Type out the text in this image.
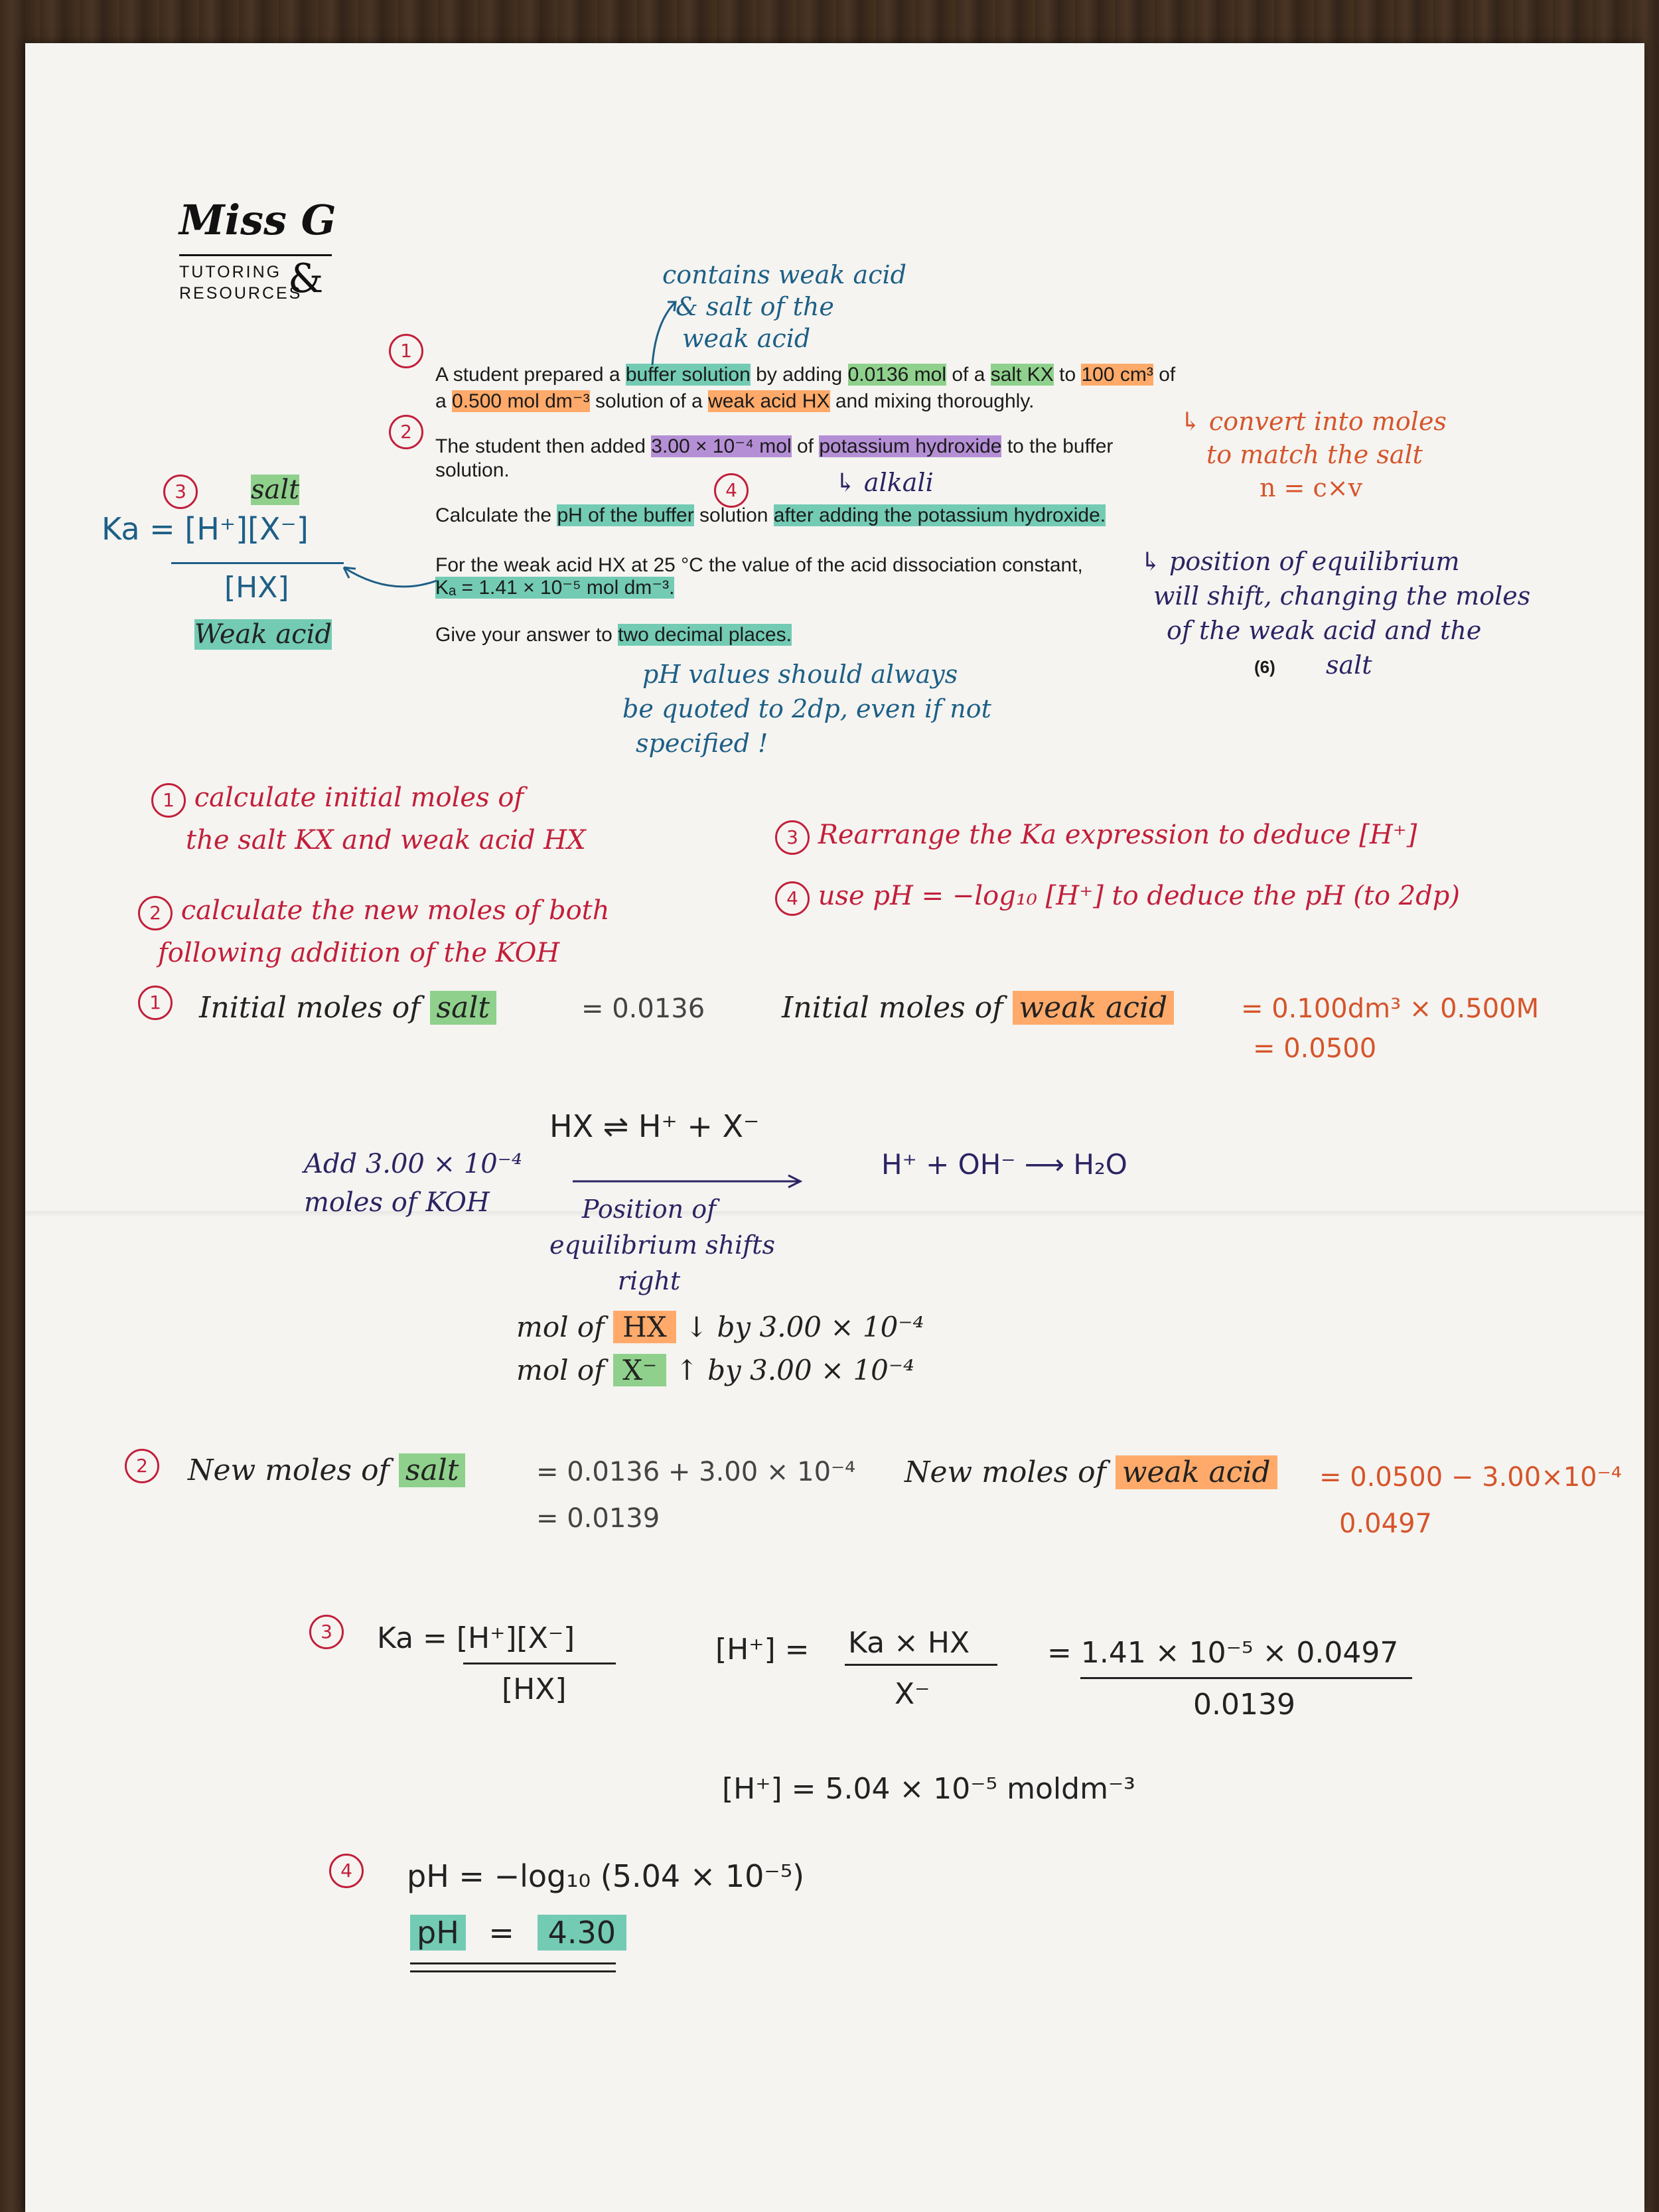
Miss G
TUTORING
RESOURCES
&
A student prepared a buffer solution by adding 0.0136 mol of a salt KX to 100 cm³ of
a 0.500 mol dm⁻³ solution of a weak acid HX and mixing thoroughly.
The student then added 3.00 × 10⁻⁴ mol of potassium hydroxide to the buffer
solution.
Calculate the pH of the buffer solution after adding the potassium hydroxide.
For the weak acid HX at 25 °C the value of the acid dissociation constant,
Kₐ = 1.41 × 10⁻⁵ mol dm⁻³.
Give your answer to two decimal places.
(6)
contains weak acid
& salt of the
weak acid
1
2
4
↳ convert into moles
to match the salt
n = c×v
↳ alkali
↳ position of equilibrium
will shift, changing the moles
of the weak acid and the
salt
pH values should always
be quoted to 2dp, even if not
specified !
3	salt
Ka = [H⁺][X⁻]
[HX]
Weak acid
1 calculate initial moles of
the salt KX and weak acid HX
2 calculate the new moles of both
following addition of the KOH
3 Rearrange the Ka expression to deduce [H⁺]
4 use pH = −log₁₀ [H⁺] to deduce the pH (to 2dp)
1	Initial moles of salt	= 0.0136	Initial moles of weak acid	= 0.100dm³ × 0.500M
= 0.0500
HX ⇌ H⁺ + X⁻
Add 3.00 × 10⁻⁴
moles of KOH
H⁺ + OH⁻ ⟶ H₂O
Position of
equilibrium shifts
right
mol of HX ↓ by 3.00 × 10⁻⁴
mol of X⁻ ↑ by 3.00 × 10⁻⁴
2	New moles of salt	= 0.0136 + 3.00 × 10⁻⁴
= 0.0139
New moles of weak acid = 0.0500 − 3.00×10⁻⁴
0.0497
3	Ka = [H⁺][X⁻]
[HX]
[H⁺] = Ka × HX
X⁻
= 1.41 × 10⁻⁵ × 0.0497
0.0139
[H⁺] = 5.04 × 10⁻⁵ moldm⁻³
4	pH = −log₁₀ (5.04 × 10⁻⁵)
pH = 4.30
